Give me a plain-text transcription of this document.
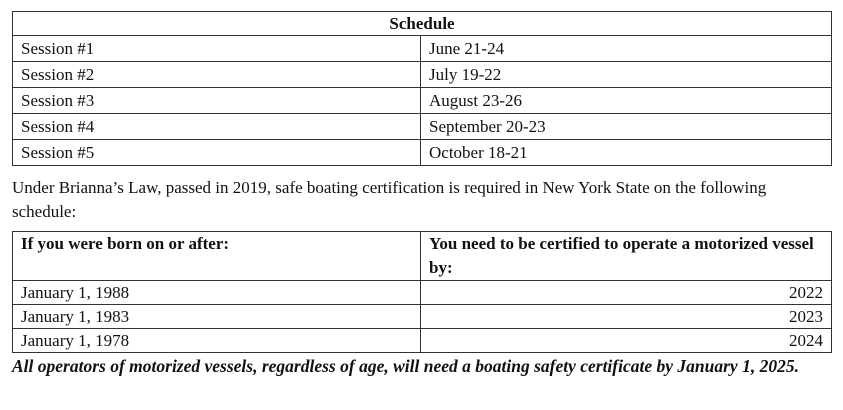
Schedule	
Session #1	June 21-24
Session #2	July 19-22
Session #3	August 23-26
Session #4	September 20-23
Session #5	October 18-21

Under Brianna’s Law, passed in 2019, safe boating certification is required in New York State on the following schedule:

If you were born on or after:	You need to be certified to operate a motorized vessel by:
January 1, 1988	2022
January 1, 1983	2023
January 1, 1978	2024

All operators of motorized vessels, regardless of age, will need a boating safety certificate by January 1, 2025.
